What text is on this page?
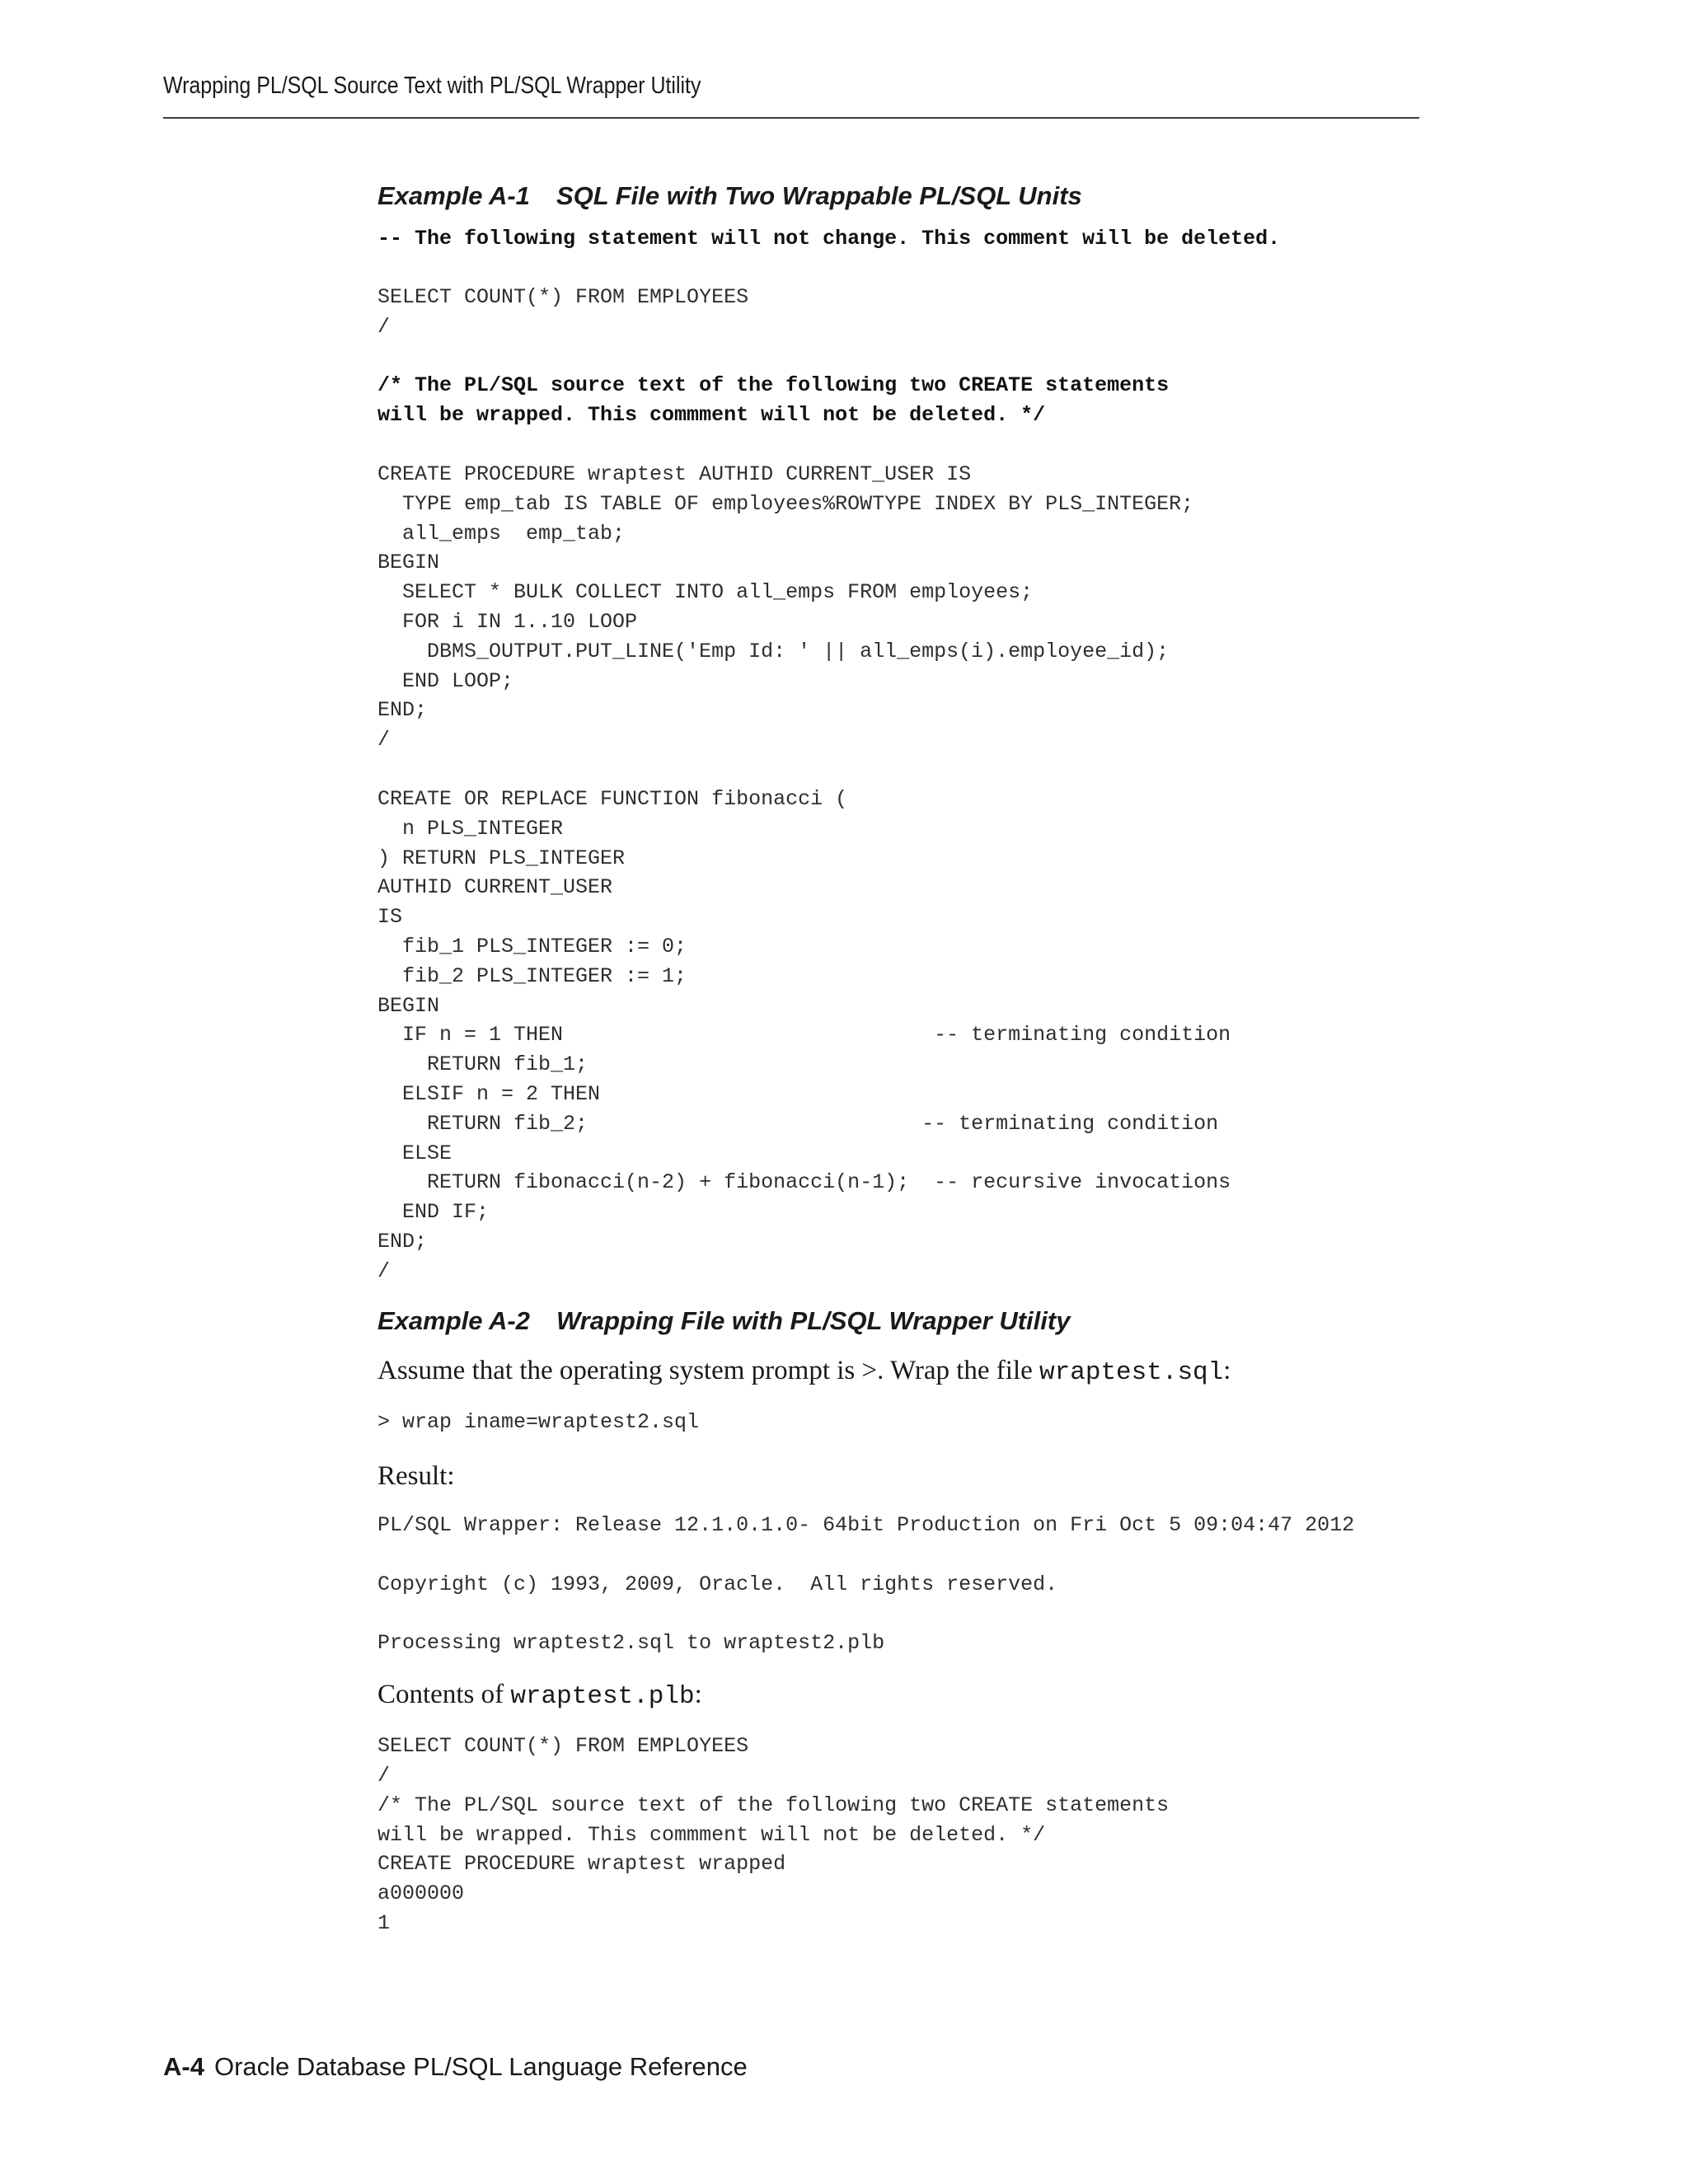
Wrapping PL/SQL Source Text with PL/SQL Wrapper Utility
Example A-1 SQL File with Two Wrappable PL/SQL Units
-- The following statement will not change. This comment will be deleted.
SELECT COUNT(*) FROM EMPLOYEES
/
/* The PL/SQL source text of the following two CREATE statements
will be wrapped. This commment will not be deleted. */
CREATE PROCEDURE wraptest AUTHID CURRENT_USER IS
TYPE emp_tab IS TABLE OF employees%ROWTYPE INDEX BY PLS_INTEGER;
all_emps  emp_tab;
BEGIN
SELECT * BULK COLLECT INTO all_emps FROM employees;
FOR i IN 1..10 LOOP
DBMS_OUTPUT.PUT_LINE('Emp Id: ' || all_emps(i).employee_id);
END LOOP;
END;
/
CREATE OR REPLACE FUNCTION fibonacci (
n PLS_INTEGER
) RETURN PLS_INTEGER
AUTHID CURRENT_USER
IS
fib_1 PLS_INTEGER := 0;
fib_2 PLS_INTEGER := 1;
BEGIN
IF n = 1 THEN                              -- terminating condition
RETURN fib_1;
ELSIF n = 2 THEN
RETURN fib_2;                           -- terminating condition
ELSE
RETURN fibonacci(n-2) + fibonacci(n-1);  -- recursive invocations
END IF;
END;
/
Example A-2 Wrapping File with PL/SQL Wrapper Utility

Assume that the operating system prompt is >. Wrap the file wraptest.sql:

> wrap iname=wraptest2.sql

Result:

PL/SQL Wrapper: Release 12.1.0.1.0- 64bit Production on Fri Oct 5 09:04:47 2012

Copyright (c) 1993, 2009, Oracle.  All rights reserved.

Processing wraptest2.sql to wraptest2.plb

Contents of wraptest.plb:

SELECT COUNT(*) FROM EMPLOYEES
/
/* The PL/SQL source text of the following two CREATE statements
will be wrapped. This commment will not be deleted. */
CREATE PROCEDURE wraptest wrapped
a000000
1
A-4 Oracle Database PL/SQL Language Reference
